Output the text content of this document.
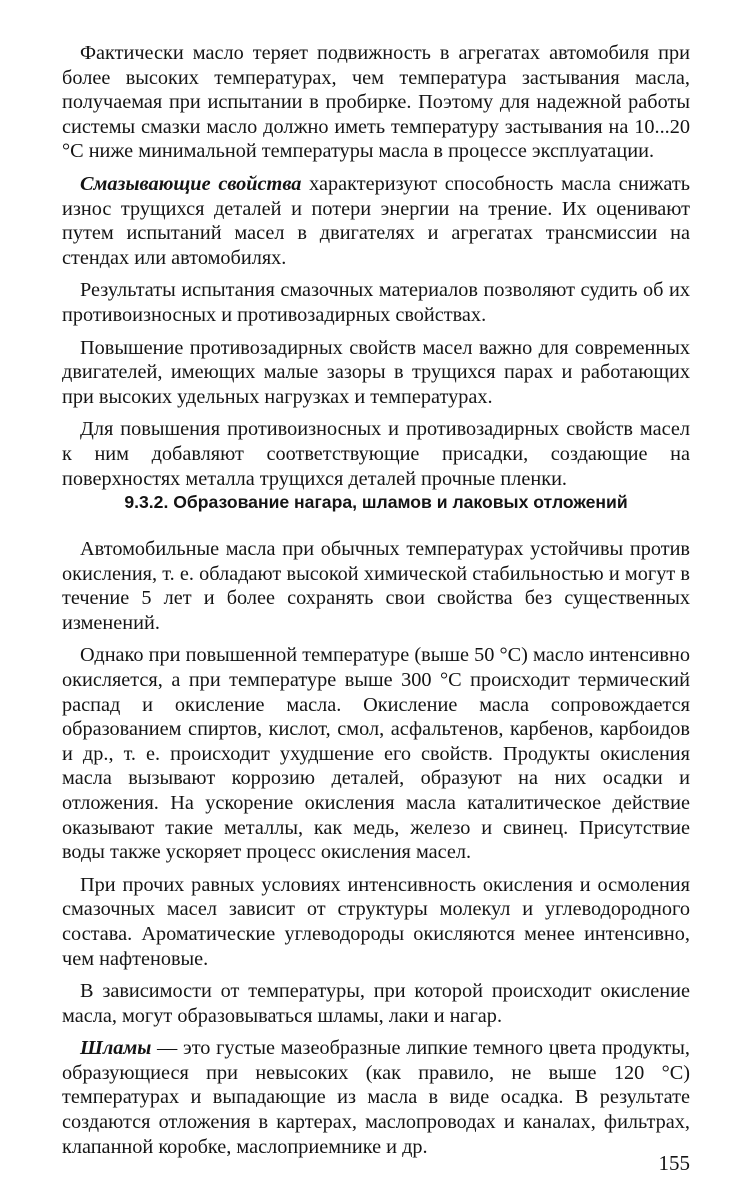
Фактически масло теряет подвижность в агрегатах автомобиля при более высоких температурах, чем температура застывания масла, получаемая при испытании в пробирке. Поэтому для надежной работы системы смазки масло должно иметь температуру застывания на 10...20 °С ниже минимальной температуры масла в процессе эксплуатации.

Смазывающие свойства характеризуют способность масла снижать износ трущихся деталей и потери энергии на трение. Их оценивают путем испытаний масел в двигателях и агрегатах трансмиссии на стендах или автомобилях.

Результаты испытания смазочных материалов позволяют судить об их противоизносных и противозадирных свойствах.

Повышение противозадирных свойств масел важно для современных двигателей, имеющих малые зазоры в трущихся парах и работающих при высоких удельных нагрузках и температурах.

Для повышения противоизносных и противозадирных свойств масел к ним добавляют соответствующие присадки, создающие на поверхностях металла трущихся деталей прочные пленки.

9.3.2. Образование нагара, шламов и лаковых отложений

Автомобильные масла при обычных температурах устойчивы против окисления, т. е. обладают высокой химической стабильностью и могут в течение 5 лет и более сохранять свои свойства без существенных изменений.

Однако при повышенной температуре (выше 50 °С) масло интенсивно окисляется, а при температуре выше 300 °С происходит термический распад и окисление масла. Окисление масла сопровождается образованием спиртов, кислот, смол, асфальтенов, карбенов, карбоидов и др., т. е. происходит ухудшение его свойств. Продукты окисления масла вызывают коррозию деталей, образуют на них осадки и отложения. На ускорение окисления масла каталитическое действие оказывают такие металлы, как медь, железо и свинец. Присутствие воды также ускоряет процесс окисления масел.

При прочих равных условиях интенсивность окисления и осмоления смазочных масел зависит от структуры молекул и углеводородного состава. Ароматические углеводороды окисляются менее интенсивно, чем нафтеновые.

В зависимости от температуры, при которой происходит окисление масла, могут образовываться шламы, лаки и нагар.

Шламы — это густые мазеобразные липкие темного цвета продукты, образующиеся при невысоких (как правило, не выше 120 °С) температурах и выпадающие из масла в виде осадка. В результате создаются отложения в картерах, маслопроводах и каналах, фильтрах, клапанной коробке, маслоприемнике и др.

155
